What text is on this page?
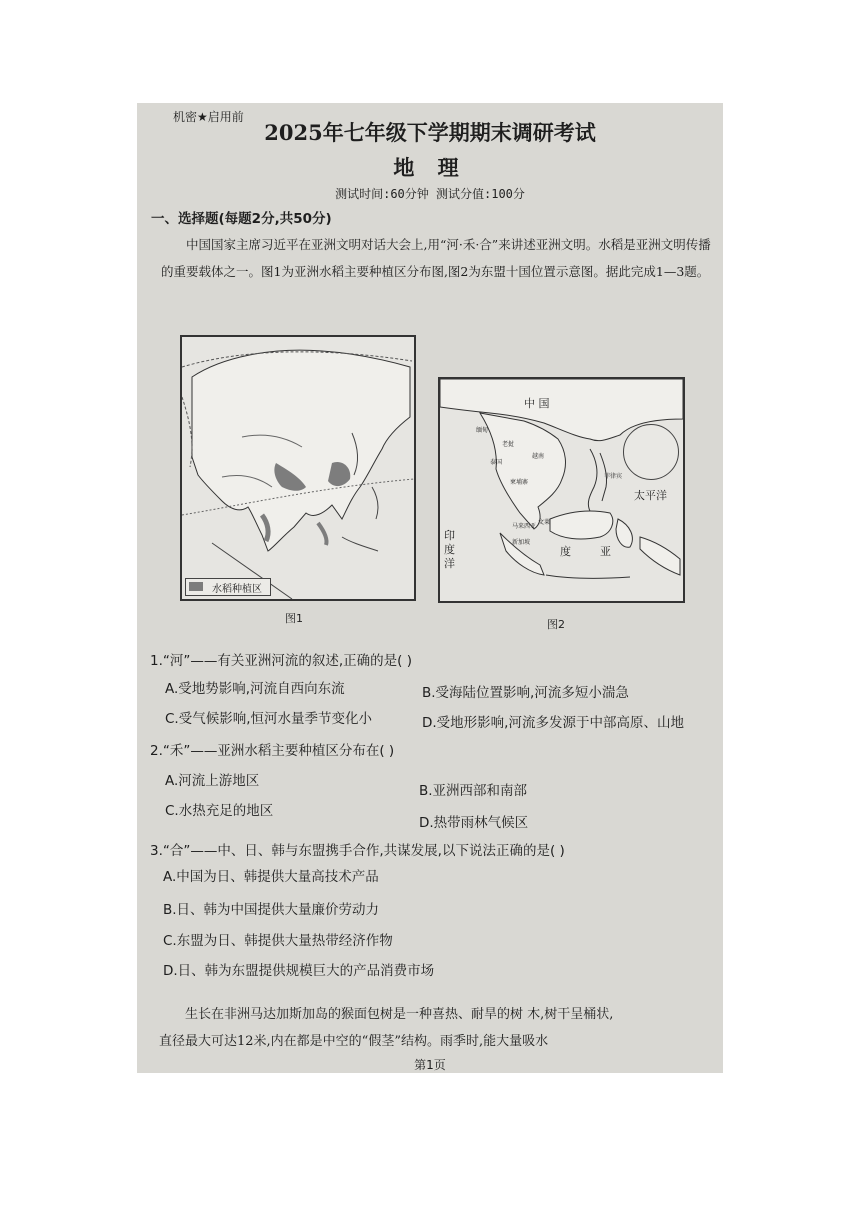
机密★启用前
2025年七年级下学期期末调研考试
地 理
测试时间:60分钟 测试分值:100分
一、选择题(每题2分,共50分)

中国国家主席习近平在亚洲文明对话大会上,用“河·禾·合”来讲述亚洲文明。水稻是亚洲文明传播的重要载体之一。图1为亚洲水稻主要种植区分布图,图2为东盟十国位置示意图。据此完成1—3题。

水稻种植区
图1
中 国
太平洋
印
度
洋
缅甸
老挝
泰国
越南
柬埔寨
菲律宾
马来西亚
文莱
新加坡
度	亚
图2
1.“河”——有关亚洲河流的叙述,正确的是( )
A.受地势影响,河流自西向东流	B.受海陆位置影响,河流多短小湍急
C.受气候影响,恒河水量季节变化小	D.受地形影响,河流多发源于中部高原、山地
2.“禾”——亚洲水稻主要种植区分布在( )
A.河流上游地区
B.亚洲西部和南部
C.水热充足的地区
D.热带雨林气候区
3.“合”——中、日、韩与东盟携手合作,共谋发展,以下说法正确的是( )
A.中国为日、韩提供大量高技术产品
B.日、韩为中国提供大量廉价劳动力
C.东盟为日、韩提供大量热带经济作物
D.日、韩为东盟提供规模巨大的产品消费市场
生长在非洲马达加斯加岛的猴面包树是一种喜热、耐旱的树 木,树干呈桶状,
直径最大可达12米,内在都是中空的“假茎”结构。雨季时,能大量吸水
第1页
